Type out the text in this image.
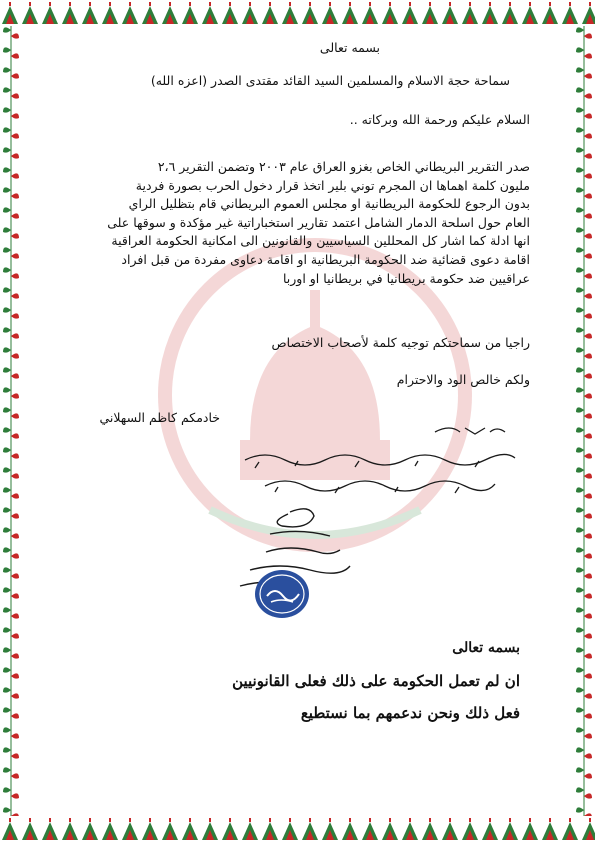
بسمه تعالى
سماحة حجة الاسلام والمسلمين السيد القائد مقتدى الصدر (اعزه الله)
السلام عليكم ورحمة الله وبركاته ..
صدر التقرير البريطاني الخاص بغزو العراق عام ٢٠٠٣ وتضمن التقرير ٢،٦
مليون كلمة اهماها ان المجرم توني بلير اتخذ قرار دخول الحرب بصورة فردية
بدون الرجوع للحكومة البريطانية او مجلس العموم البريطاني قام بتظليل الراي
العام حول اسلحة الدمار الشامل اعتمد تقارير استخباراتية غير مؤكدة و سوقها على
انها ادلة كما اشار كل المحللين السياسيين والقانونين الى امكانية الحكومة العراقية
اقامة دعوى قضائية ضد الحكومة البريطانية او اقامة دعاوى مفردة من قبل افراد
عراقيين ضد حكومة بريطانيا في بريطانيا او اوربا
راجيا من سماحتكم توجيه كلمة لأصحاب الاختصاص
ولكم خالص الود والاحترام
خادمكم كاظم السهلاني
بسمه تعالى
ان لم تعمل الحكومة على ذلك فعلى القانونيين
فعل ذلك ونحن ندعمهم بما نستطيع
